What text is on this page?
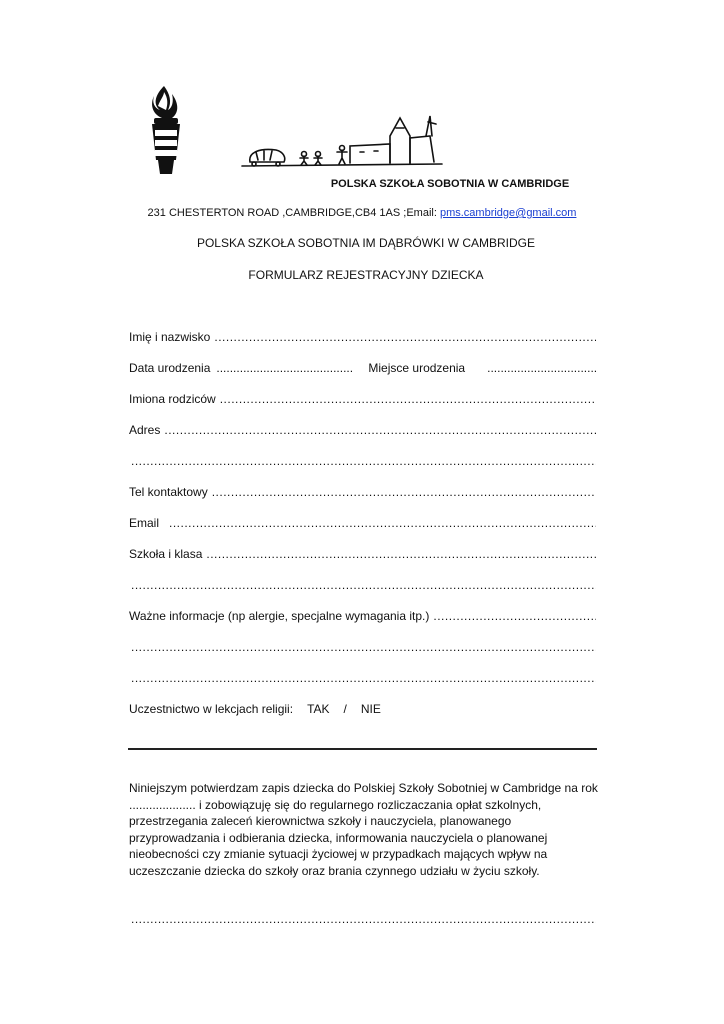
POLSKA SZKOŁA SOBOTNIA W CAMBRIDGE
231 CHESTERTON ROAD ,CAMBRIDGE,CB4 1AS ;Email: pms.cambridge@gmail.com
POLSKA SZKOŁA SOBOTNIA IM DĄBRÓWKI W CAMBRIDGE
FORMULARZ REJESTRACYJNY DZIECKA
Imię i nazwisko
.....
Data urodzenia
.....	Miejsce urodzenia
.....
Imiona rodziców
.....
Adres
.....
.....
Tel kontaktowy
.....
Email
.....
Szkoła i klasa
.....
.....
Ważne informacje (np alergie, specjalne wymagania itp.)
.....
.....
.....
Uczestnictwo w lekcjach religii: TAK / NIE
Niniejszym potwierdzam zapis dziecka do Polskiej Szkoły Sobotniej w Cambridge na rok .................... i zobowiązuję się do regularnego rozliczaczania opłat szkolnych, przestrzegania zaleceń kierownictwa szkoły i nauczyciela, planowanego przyprowadzania i odbierania dziecka, informowania nauczyciela o planowanej nieobecności czy zmianie sytuacji życiowej w przypadkach mających wpływ na uczeszczanie dziecka do szkoły oraz brania czynnego udziału w życiu szkoły.
.....
